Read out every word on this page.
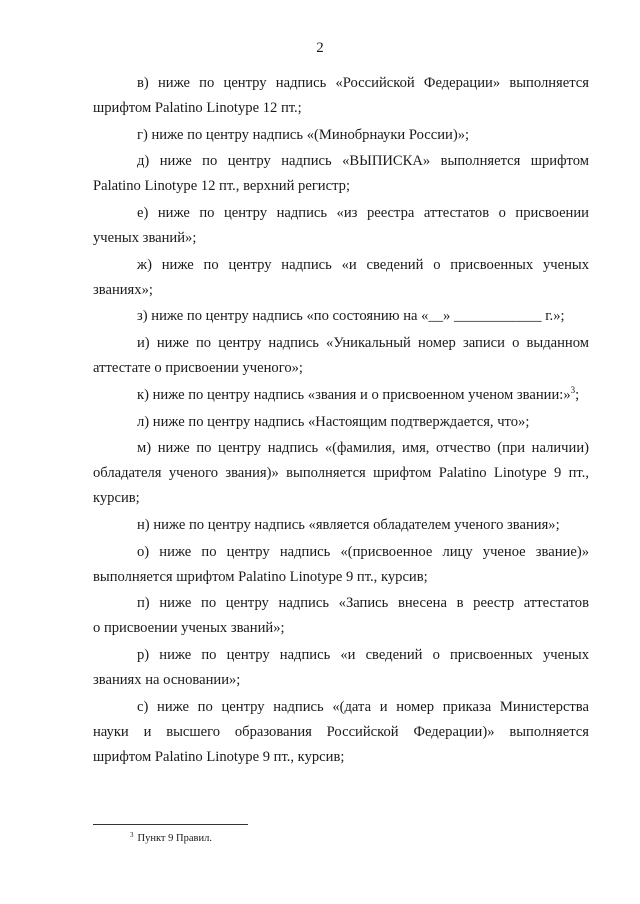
2

в) ниже по центру надпись «Российской Федерации» выполняется
шрифтом Palatino Linotype 12 пт.;

г) ниже по центру надпись «(Минобрнауки России)»;

д) ниже по центру надпись «ВЫПИСКА» выполняется шрифтом
Palatino Linotype 12 пт., верхний регистр;

е) ниже по центру надпись «из реестра аттестатов о присвоении
ученых званий»;

ж) ниже по центру надпись «и сведений о присвоенных ученых
званиях»;

з) ниже по центру надпись «по состоянию на «__» ____________ г.»;

и) ниже по центру надпись «Уникальный номер записи о выданном
аттестате о присвоении ученого»;

к) ниже по центру надпись «звания и о присвоенном ученом звании:»$^3$;

л) ниже по центру надпись «Настоящим подтверждается, что»;

м) ниже по центру надпись «(фамилия, имя, отчество (при наличии)
обладателя ученого звания)» выполняется шрифтом Palatino Linotype 9 пт.,
курсив;

н) ниже по центру надпись «является обладателем ученого звания»;

о) ниже по центру надпись «(присвоенное лицу ученое звание)»
выполняется шрифтом Palatino Linotype 9 пт., курсив;

п) ниже по центру надпись «Запись внесена в реестр аттестатов
о присвоении ученых званий»;

р) ниже по центру надпись «и сведений о присвоенных ученых
званиях на основании»;

с) ниже по центру надпись «(дата и номер приказа Министерства
науки и высшего образования Российской Федерации)» выполняется
шрифтом Palatino Linotype 9 пт., курсив;

$^3$ Пункт 9 Правил.
